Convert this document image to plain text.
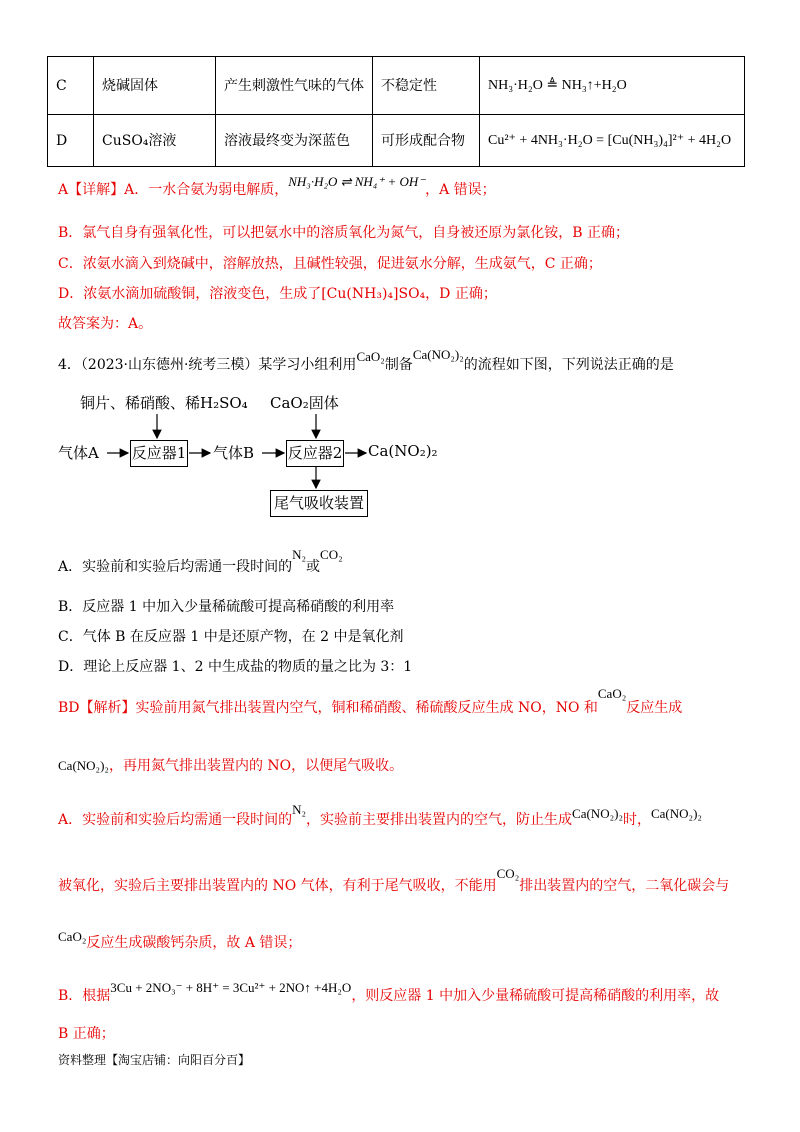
C	烧碱固体	产生刺激性气味的气体	不稳定性	NH₃·H₂O ≜ NH₃↑+H₂O
D	CuSO₄溶液	溶液最终变为深蓝色	可形成配合物	Cu²⁺ + 4NH₃·H₂O = [Cu(NH₃)₄]²⁺ + 4H₂O
A【详解】A．一水合氨为弱电解质，NH₃·H₂O ⇌ NH₄⁺ + OH⁻，A 错误；
B．氯气自身有强氧化性，可以把氨水中的溶质氧化为氮气，自身被还原为氯化铵，B 正确；
C．浓氨水滴入到烧碱中，溶解放热，且碱性较强，促进氨水分解，生成氨气，C 正确；
D．浓氨水滴加硫酸铜，溶液变色，生成了[Cu(NH₃)₄]SO₄，D 正确；
故答案为：A。
4．（2023·山东德州·统考三模）某学习小组利用CaO₂制备Ca(NO₂)₂的流程如下图，下列说法正确的是
铜片、稀硝酸、稀H₂SO₄ CaO₂固体
气体A 反应器1 气体B 反应器2 Ca(NO₂)₂
尾气吸收装置
A．实验前和实验后均需通一段时间的N₂或CO₂
B．反应器 1 中加入少量稀硫酸可提高稀硝酸的利用率
C．气体 B 在反应器 1 中是还原产物，在 2 中是氧化剂
D．理论上反应器 1、2 中生成盐的物质的量之比为 3：1
BD【解析】实验前用氮气排出装置内空气，铜和稀硝酸、稀硫酸反应生成 NO，NO 和CaO₂反应生成
Ca(NO₂)₂，再用氮气排出装置内的 NO，以便尾气吸收。
A．实验前和实验后均需通一段时间的N₂，实验前主要排出装置内的空气，防止生成Ca(NO₂)₂时，Ca(NO₂)₂
被氧化，实验后主要排出装置内的 NO 气体，有利于尾气吸收，不能用CO₂排出装置内的空气，二氧化碳会与
CaO₂反应生成碳酸钙杂质，故 A 错误；
B．根据3Cu + 2NO₃⁻ + 8H⁺ = 3Cu²⁺ + 2NO↑ +4H₂O，则反应器 1 中加入少量稀硫酸可提高稀硝酸的利用率，故
B 正确；
资料整理【淘宝店铺：向阳百分百】
